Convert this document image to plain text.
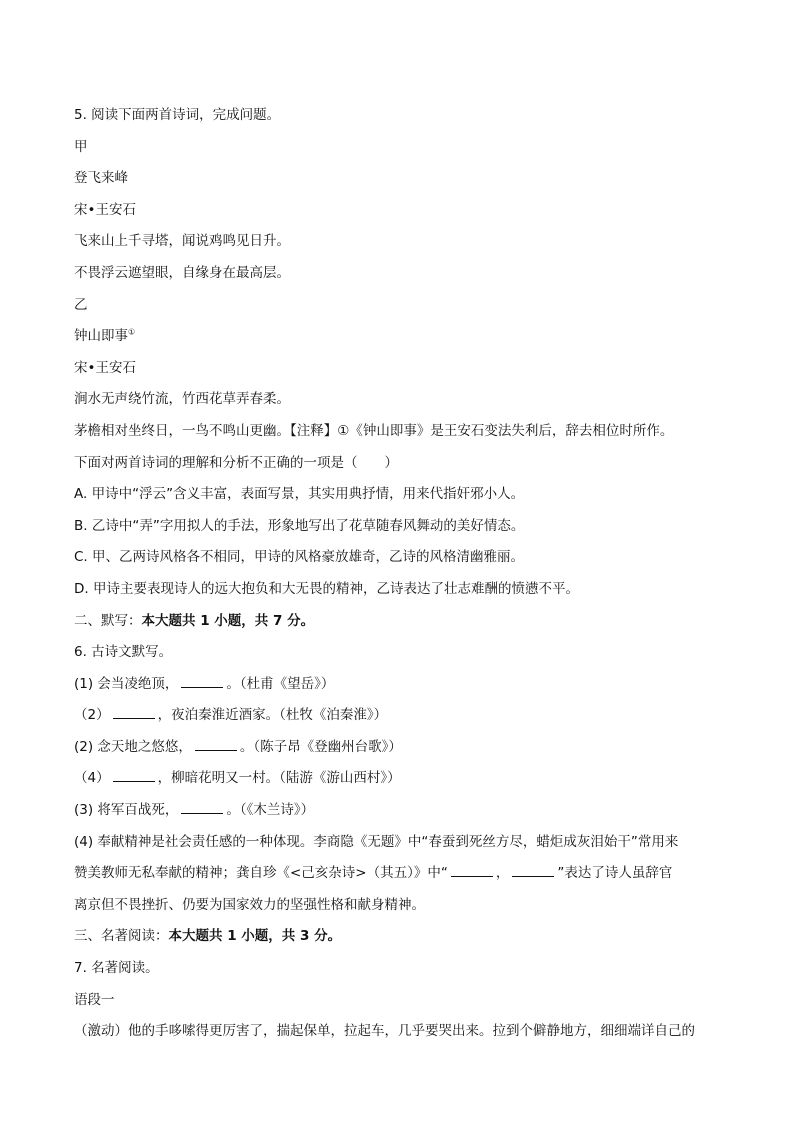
5. 阅读下面两首诗词，完成问题。
甲
登飞来峰
宋•王安石
飞来山上千寻塔，闻说鸡鸣见日升。
不畏浮云遮望眼，自缘身在最高层。
乙
钟山即事①
宋•王安石
涧水无声绕竹流，竹西花草弄春柔。
茅檐相对坐终日，一鸟不鸣山更幽。【注释】①《钟山即事》是王安石变法失利后，辞去相位时所作。
下面对两首诗词的理解和分析不正确的一项是（　　）
A. 甲诗中“浮云”含义丰富，表面写景，其实用典抒情，用来代指奸邪小人。
B. 乙诗中“弄”字用拟人的手法，形象地写出了花草随春风舞动的美好情态。
C. 甲、乙两诗风格各不相同，甲诗的风格豪放雄奇，乙诗的风格清幽雅丽。
D. 甲诗主要表现诗人的远大抱负和大无畏的精神，乙诗表达了壮志难酬的愤懑不平。
二、默写：本大题共 1 小题，共 7 分。
6. 古诗文默写。
(1) 会当凌绝顶，	。（杜甫《望岳》）
（2）	，夜泊秦淮近酒家。（杜牧《泊秦淮》）
(2) 念天地之悠悠，	。（陈子昂《登幽州台歌》）
（4）	，柳暗花明又一村。（陆游《游山西村》）
(3) 将军百战死，	。（《木兰诗》）
(4) 奉献精神是社会责任感的一种体现。李商隐《无题》中“春蚕到死丝方尽，蜡炬成灰泪始干”常用来
赞美教师无私奉献的精神；龚自珍《<己亥杂诗>（其五）》中“	，	”表达了诗人虽辞官
离京但不畏挫折、仍要为国家效力的坚强性格和献身精神。
三、名著阅读：本大题共 1 小题，共 3 分。
7. 名著阅读。
语段一
（激动）他的手哆嗦得更厉害了，揣起保单，拉起车，几乎要哭出来。拉到个僻静地方，细细端详自己的
